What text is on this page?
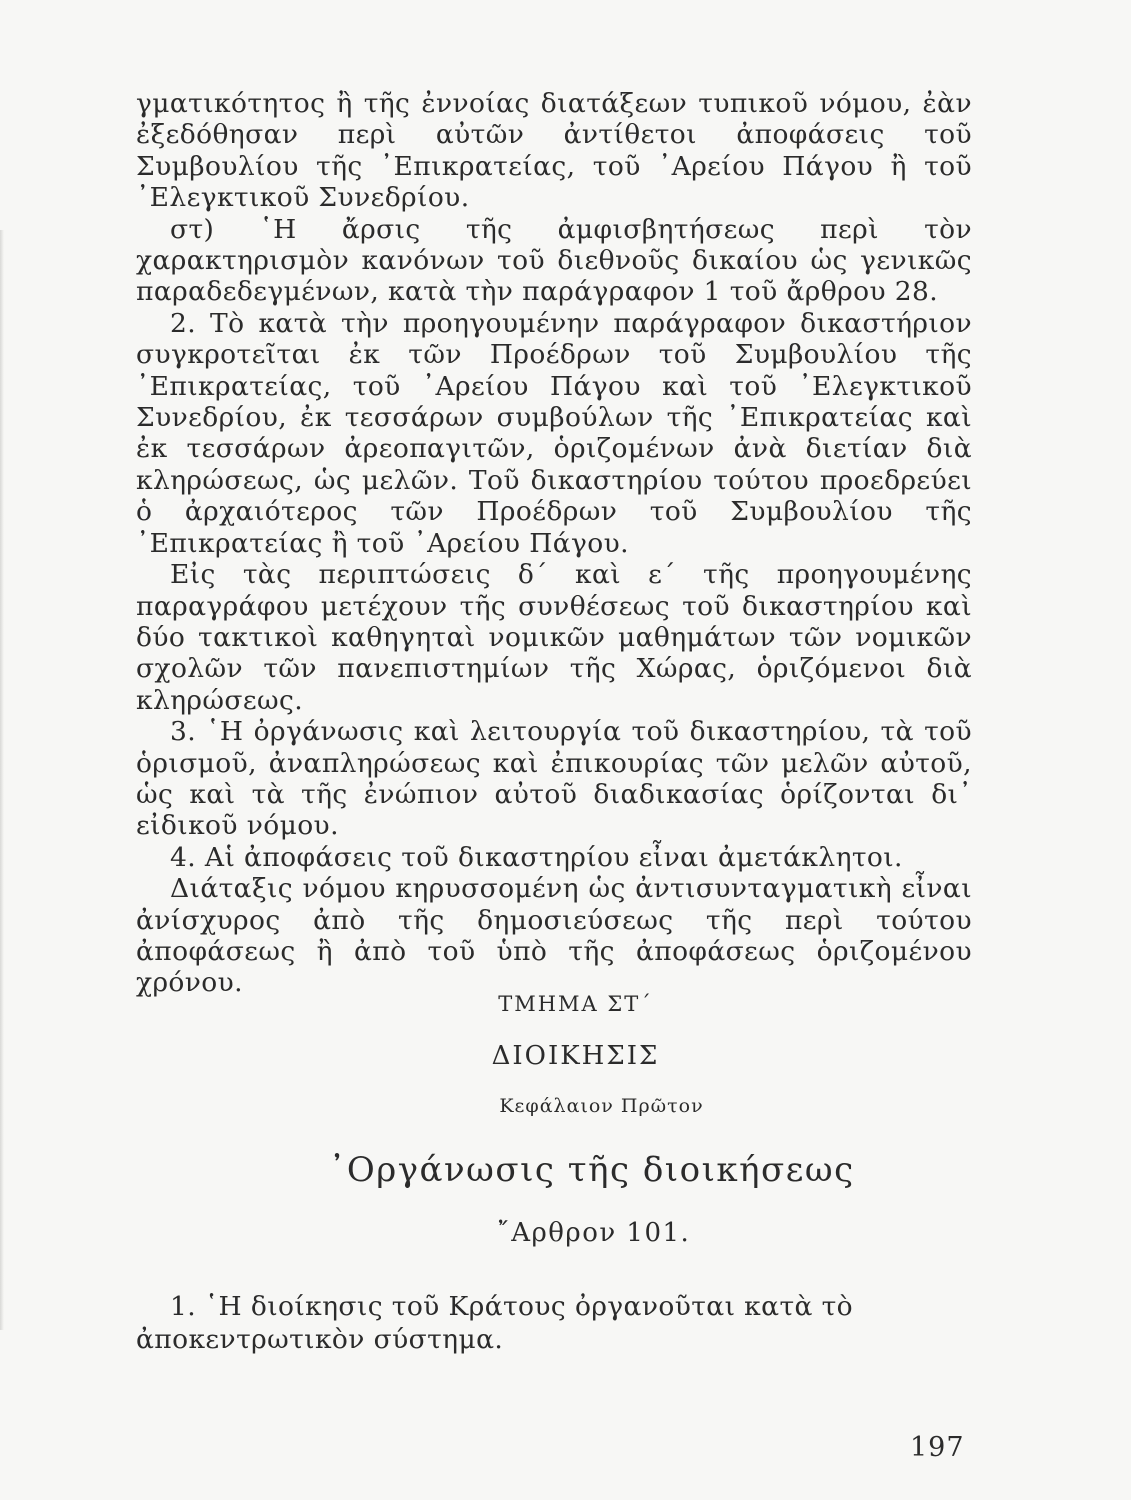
γματικότητος ἢ τῆς ἐννοίας διατάξεων τυπικοῦ νόμου, ἐὰν ἐξεδόθησαν περὶ αὐτῶν ἀντίθετοι ἀποφάσεις τοῦ Συμβουλίου τῆς ᾿Επικρατείας, τοῦ ᾿Αρείου Πάγου ἢ τοῦ ᾿Ελεγκτικοῦ Συνεδρίου.

στ) ῾Η ἄρσις τῆς ἀμφισβητήσεως περὶ τὸν χαρακτηρισμὸν κανόνων τοῦ διεθνοῦς δικαίου ὡς γενικῶς παραδεδεγμένων, κατὰ τὴν παράγραφον 1 τοῦ ἄρθρου 28.

2. Τὸ κατὰ τὴν προηγουμένην παράγραφον δικαστήριον συγκροτεῖται ἐκ τῶν Προέδρων τοῦ Συμβουλίου τῆς ᾿Επικρατείας, τοῦ ᾿Αρείου Πάγου καὶ τοῦ ᾿Ελεγκτικοῦ Συνεδρίου, ἐκ τεσσάρων συμβούλων τῆς ᾿Επικρατείας καὶ ἐκ τεσσάρων ἀρεοπαγιτῶν, ὁριζομένων ἀνὰ διετίαν διὰ κληρώσεως, ὡς μελῶν. Τοῦ δικαστηρίου τούτου προεδρεύει ὁ ἀρχαιότερος τῶν Προέδρων τοῦ Συμβουλίου τῆς ᾿Επικρατείας ἢ τοῦ ᾿Αρείου Πάγου.

Εἰς τὰς περιπτώσεις δ´ καὶ ε´ τῆς προηγουμένης παραγράφου μετέχουν τῆς συνθέσεως τοῦ δικαστηρίου καὶ δύο τακτικοὶ καθηγηταὶ νομικῶν μαθημάτων τῶν νομικῶν σχολῶν τῶν πανεπιστημίων τῆς Χώρας, ὁριζόμενοι διὰ κληρώσεως.

3. ῾Η ὀργάνωσις καὶ λειτουργία τοῦ δικαστηρίου, τὰ τοῦ ὁρισμοῦ, ἀναπληρώσεως καὶ ἐπικουρίας τῶν μελῶν αὐτοῦ, ὡς καὶ τὰ τῆς ἐνώπιον αὐτοῦ διαδικασίας ὁρίζονται δι᾿ εἰδικοῦ νόμου.

4. Αἱ ἀποφάσεις τοῦ δικαστηρίου εἶναι ἀμετάκλητοι.

Διάταξις νόμου κηρυσσομένη ὡς ἀντισυνταγματικὴ εἶναι ἀνίσχυρος ἀπὸ τῆς δημοσιεύσεως τῆς περὶ τούτου ἀποφάσεως ἢ ἀπὸ τοῦ ὑπὸ τῆς ἀποφάσεως ὁριζομένου χρόνου.

ΤΜΗΜΑ ΣΤ´
ΔΙΟΙΚΗΣΙΣ
Κεφάλαιον Πρῶτον
᾿Οργάνωσις τῆς διοικήσεως
῎Αρθρον 101.

1. ῾Η διοίκησις τοῦ Κράτους ὀργανοῦται κατὰ τὸ ἀποκεντρωτικὸν σύστημα.

197
